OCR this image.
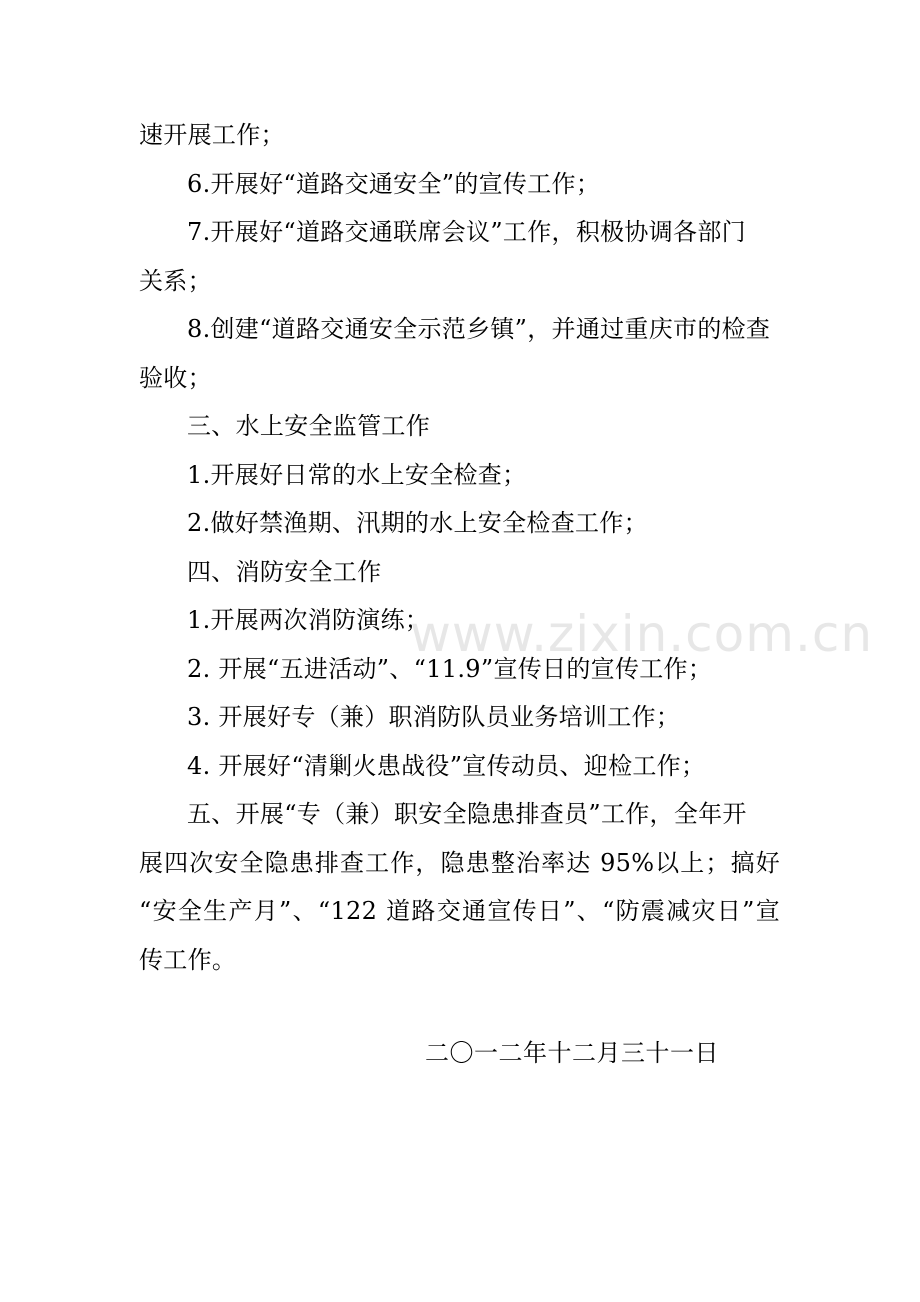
www.zixin.com.cn
速开展工作；
6.开展好“道路交通安全”的宣传工作；
7.开展好“道路交通联席会议”工作，积极协调各部门
关系；
8.创建“道路交通安全示范乡镇”，并通过重庆市的检查
验收；
三、水上安全监管工作
1.开展好日常的水上安全检查；
2.做好禁渔期、汛期的水上安全检查工作；
四、消防安全工作
1.开展两次消防演练；
2. 开展“五进活动”、“11.9”宣传日的宣传工作；
3. 开展好专（兼）职消防队员业务培训工作；
4. 开展好“清剿火患战役”宣传动员、迎检工作；
五、开展“专（兼）职安全隐患排查员”工作，全年开
展四次安全隐患排查工作，隐患整治率达 95%以上；搞好
“安全生产月”、“122 道路交通宣传日”、“防震减灾日”宣
传工作。
二〇一二年十二月三十一日
